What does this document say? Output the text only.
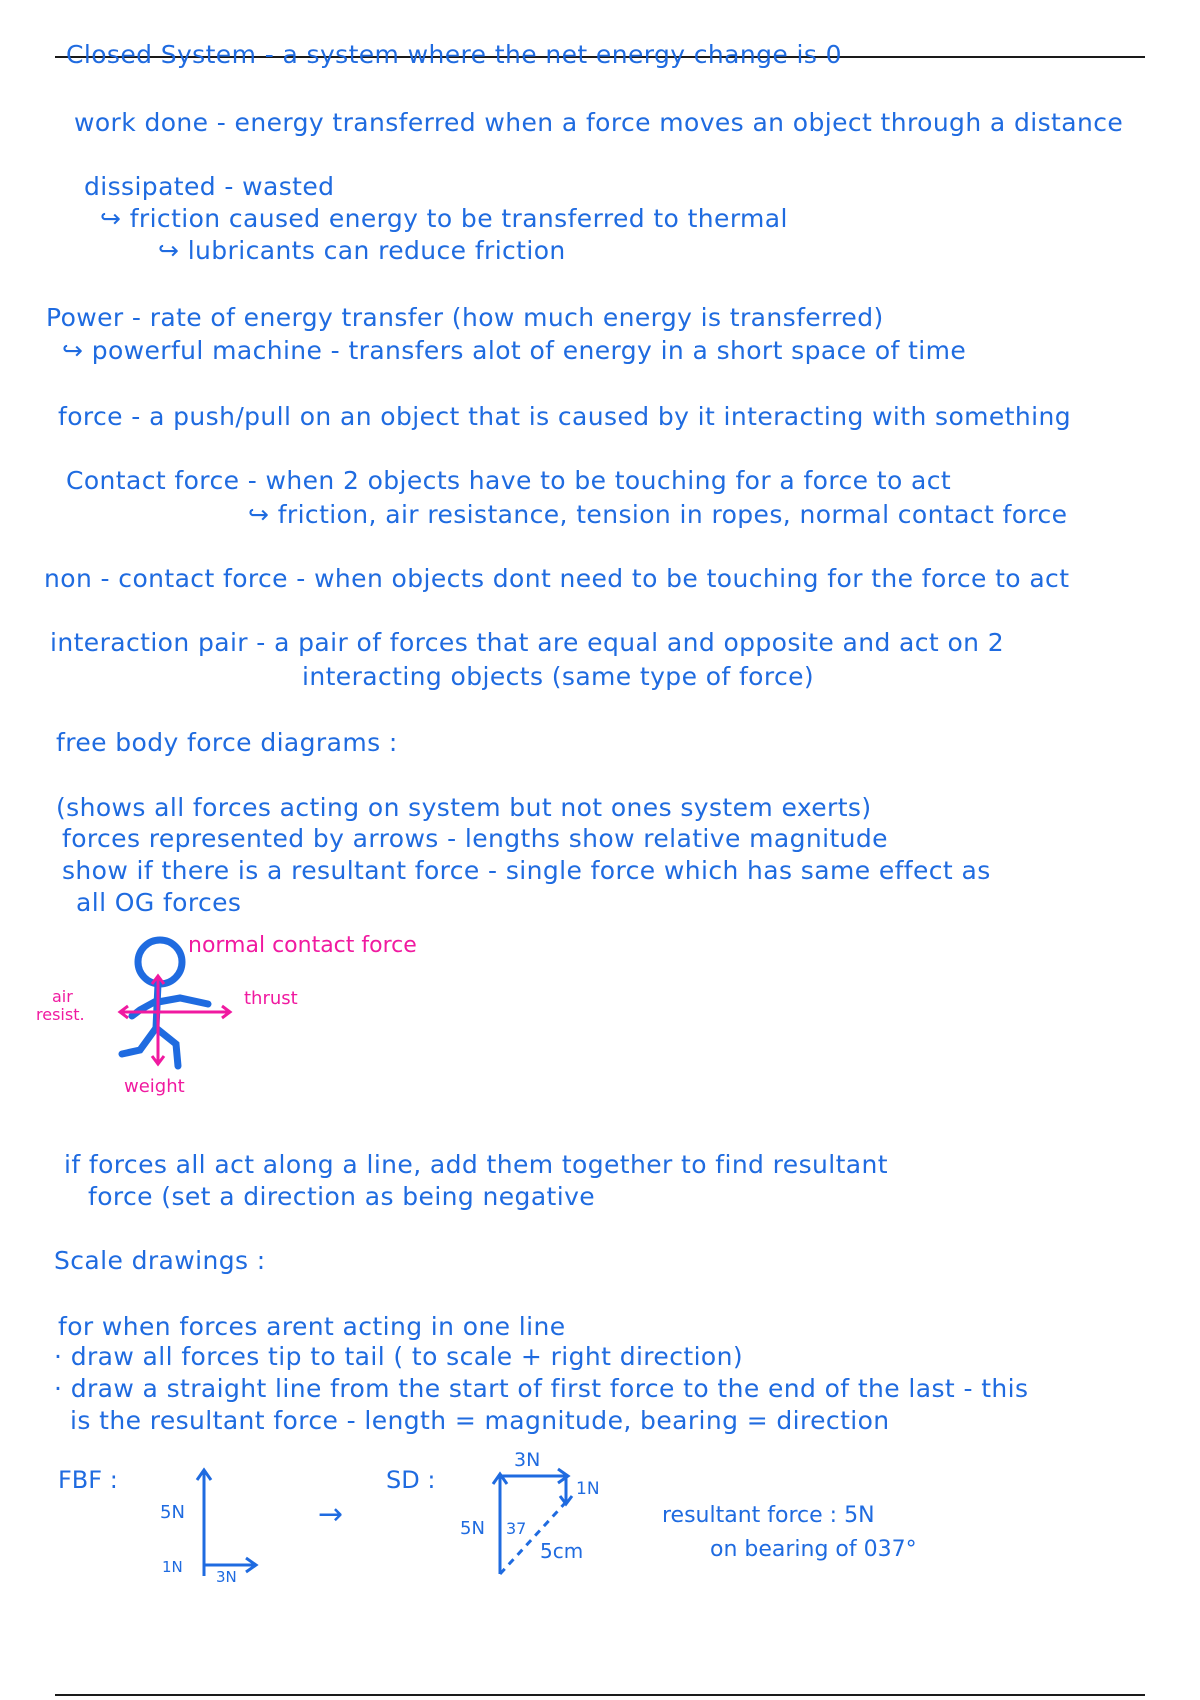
Closed System - a system where the net energy change is 0
work done - energy transferred when a force moves an object through a distance
dissipated - wasted
↪ friction caused energy to be transferred to thermal
↪ lubricants can reduce friction
Power - rate of energy transfer (how much energy is transferred)
↪ powerful machine - transfers alot of energy in a short space of time
force - a push/pull on an object that is caused by it interacting with something
Contact force - when 2 objects have to be touching for a force to act
↪ friction, air resistance, tension in ropes, normal contact force
non - contact force - when objects dont need to be touching for the force to act
interaction pair - a pair of forces that are equal and opposite and act on 2
interacting objects (same type of force)
free body force diagrams :
(shows all forces acting on system but not ones system exerts)
forces represented by arrows - lengths show relative magnitude
show if there is a resultant force - single force which has same effect as
all OG forces
normal contact force
air
resist.
thrust
weight
if forces all act along a line, add them together to find resultant
force (set a direction as being negative
Scale drawings :
for when forces arent acting in one line
· draw all forces tip to tail ( to scale + right direction)
· draw a straight line from the start of first force to the end of the last - this
is the resultant force - length = magnitude, bearing = direction
FBF :
5N
1N
3N
→
SD :
3N
1N
5N 37
5cm
resultant force : 5N
on bearing of 037°
